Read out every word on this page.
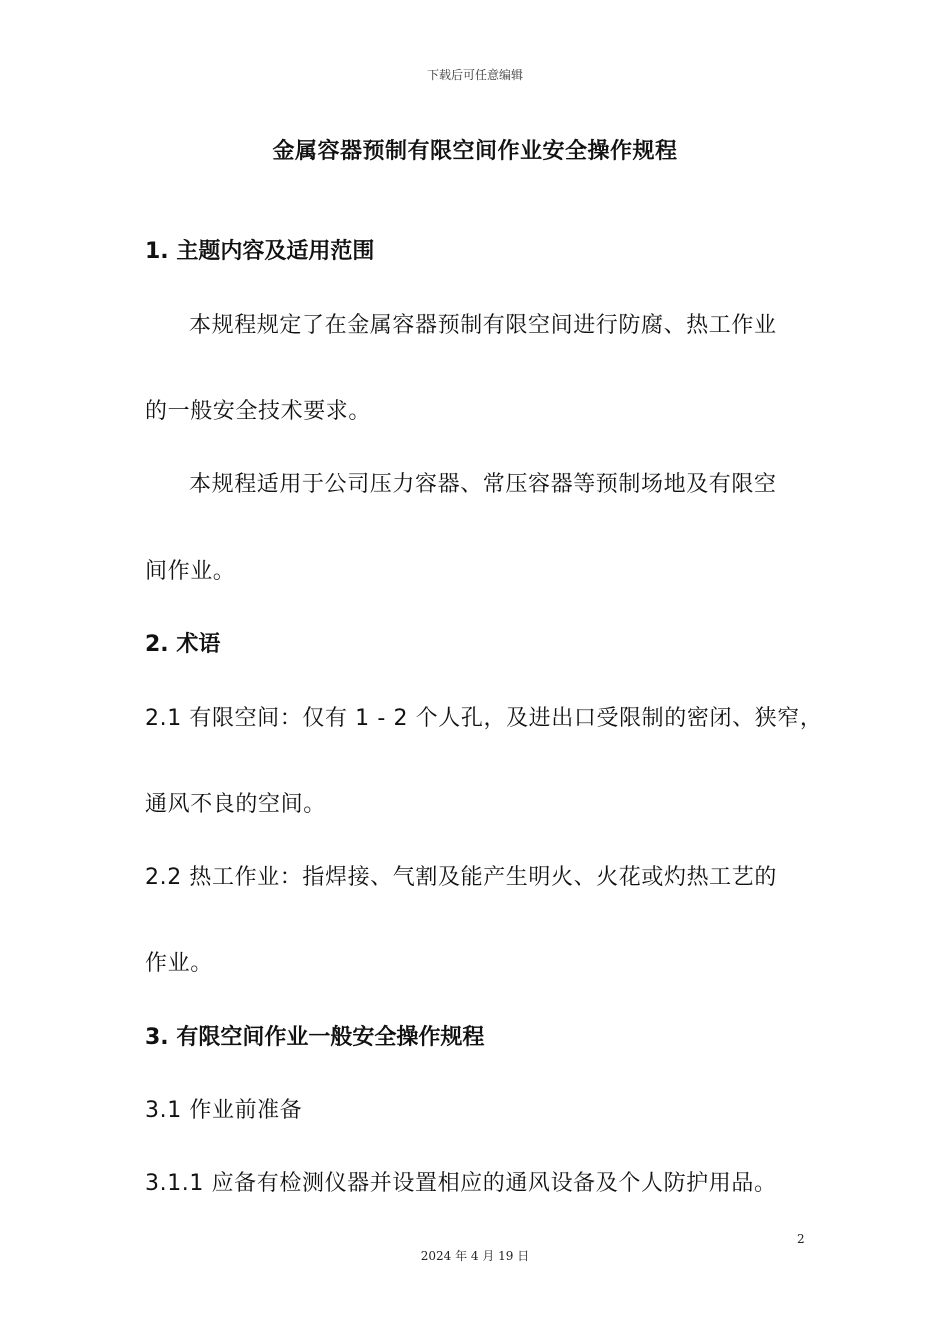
下载后可任意编辑
金属容器预制有限空间作业安全操作规程
1. 主题内容及适用范围
本规程规定了在金属容器预制有限空间进行防腐、热工作业
的一般安全技术要求。
本规程适用于公司压力容器、常压容器等预制场地及有限空
间作业。
2. 术语
2.1 有限空间：仅有 1 - 2 个人孔，及进出口受限制的密闭、狭窄，
通风不良的空间。
2.2 热工作业：指焊接、气割及能产生明火、火花或灼热工艺的
作业。
3. 有限空间作业一般安全操作规程
3.1 作业前准备
3.1.1 应备有检测仪器并设置相应的通风设备及个人防护用品。
2
2024 年 4 月 19 日
